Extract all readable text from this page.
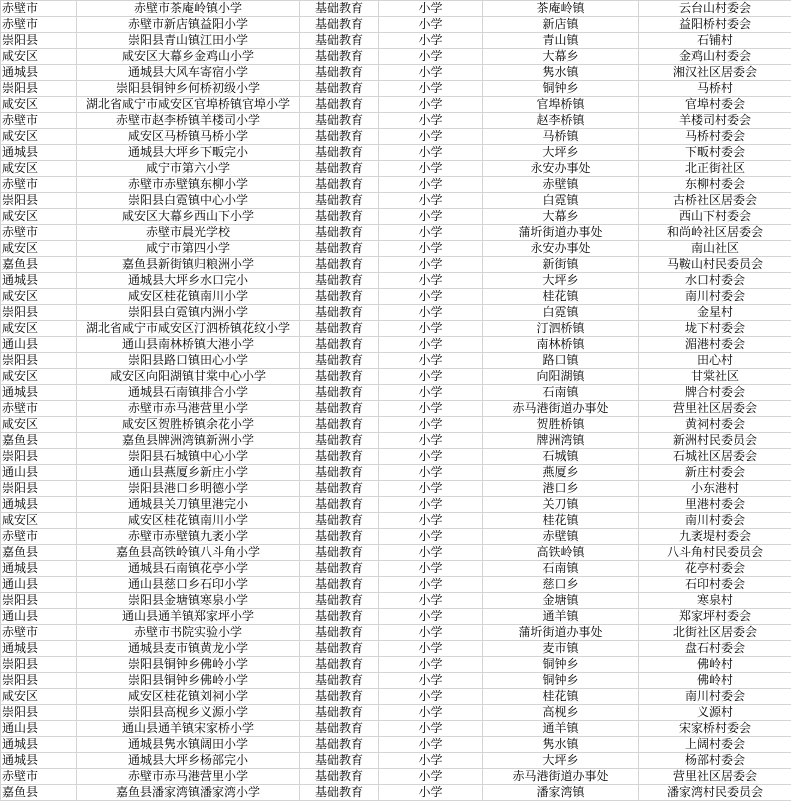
赤壁市	赤壁市茶庵岭镇小学	基础教育	小学	茶庵岭镇	云台山村委会
赤壁市	赤壁市新店镇益阳小学	基础教育	小学	新店镇	益阳桥村委会
崇阳县	崇阳县青山镇江田小学	基础教育	小学	青山镇	石铺村
咸安区	咸安区大幕乡金鸡山小学	基础教育	小学	大幕乡	金鸡山村委会
通城县	通城县大风车寄宿小学	基础教育	小学	隽水镇	湘汉社区居委会
崇阳县	崇阳县铜钟乡何桥初级小学	基础教育	小学	铜钟乡	马桥村
咸安区	湖北省咸宁市咸安区官埠桥镇官埠小学	基础教育	小学	官埠桥镇	官埠村委会
赤壁市	赤壁市赵李桥镇羊楼司小学	基础教育	小学	赵李桥镇	羊楼司村委会
咸安区	咸安区马桥镇马桥小学	基础教育	小学	马桥镇	马桥村委会
通城县	通城县大坪乡下畈完小	基础教育	小学	大坪乡	下畈村委会
咸安区	咸宁市第六小学	基础教育	小学	永安办事处	北正街社区
赤壁市	赤壁市赤壁镇东柳小学	基础教育	小学	赤壁镇	东柳村委会
崇阳县	崇阳县白霓镇中心小学	基础教育	小学	白霓镇	古桥社区居委会
咸安区	咸安区大幕乡西山下小学	基础教育	小学	大幕乡	西山下村委会
赤壁市	赤壁市晨光学校	基础教育	小学	蒲圻街道办事处	和尚岭社区居委会
咸安区	咸宁市第四小学	基础教育	小学	永安办事处	南山社区
嘉鱼县	嘉鱼县新街镇归粮洲小学	基础教育	小学	新街镇	马鞍山村民委员会
通城县	通城县大坪乡水口完小	基础教育	小学	大坪乡	水口村委会
咸安区	咸安区桂花镇南川小学	基础教育	小学	桂花镇	南川村委会
崇阳县	崇阳县白霓镇内洲小学	基础教育	小学	白霓镇	金星村
咸安区	湖北省咸宁市咸安区汀泗桥镇花纹小学	基础教育	小学	汀泗桥镇	垅下村委会
通山县	通山县南林桥镇大港小学	基础教育	小学	南林桥镇	湄港村委会
崇阳县	崇阳县路口镇田心小学	基础教育	小学	路口镇	田心村
咸安区	咸安区向阳湖镇甘棠中心小学	基础教育	小学	向阳湖镇	甘棠社区
通城县	通城县石南镇排合小学	基础教育	小学	石南镇	牌合村委会
赤壁市	赤壁市赤马港营里小学	基础教育	小学	赤马港街道办事处	营里社区居委会
咸安区	咸安区贺胜桥镇余花小学	基础教育	小学	贺胜桥镇	黄祠村委会
嘉鱼县	嘉鱼县牌洲湾镇新洲小学	基础教育	小学	牌洲湾镇	新洲村民委员会
崇阳县	崇阳县石城镇中心小学	基础教育	小学	石城镇	石城社区居委会
通山县	通山县燕厦乡新庄小学	基础教育	小学	燕厦乡	新庄村委会
崇阳县	崇阳县港口乡明德小学	基础教育	小学	港口乡	小东港村
通城县	通城县关刀镇里港完小	基础教育	小学	关刀镇	里港村委会
咸安区	咸安区桂花镇南川小学	基础教育	小学	桂花镇	南川村委会
赤壁市	赤壁市赤壁镇九袤小学	基础教育	小学	赤壁镇	九袤堤村委会
嘉鱼县	嘉鱼县高铁岭镇八斗角小学	基础教育	小学	高铁岭镇	八斗角村民委员会
通城县	通城县石南镇花亭小学	基础教育	小学	石南镇	花亭村委会
通山县	通山县慈口乡石印小学	基础教育	小学	慈口乡	石印村委会
崇阳县	崇阳县金塘镇寒泉小学	基础教育	小学	金塘镇	寒泉村
通山县	通山县通羊镇郑家坪小学	基础教育	小学	通羊镇	郑家坪村委会
赤壁市	赤壁市书院实验小学	基础教育	小学	蒲圻街道办事处	北街社区居委会
通城县	通城县麦市镇黄龙小学	基础教育	小学	麦市镇	盘石村委会
崇阳县	崇阳县铜钟乡佛岭小学	基础教育	小学	铜钟乡	佛岭村
崇阳县	崇阳县铜钟乡佛岭小学	基础教育	小学	铜钟乡	佛岭村
咸安区	咸安区桂花镇刘祠小学	基础教育	小学	桂花镇	南川村委会
崇阳县	崇阳县高枧乡义源小学	基础教育	小学	高枧乡	义源村
通山县	通山县通羊镇宋家桥小学	基础教育	小学	通羊镇	宋家桥村委会
通城县	通城县隽水镇阔田小学	基础教育	小学	隽水镇	上阔村委会
通城县	通城县大坪乡杨部完小	基础教育	小学	大坪乡	杨部村委会
赤壁市	赤壁市赤马港营里小学	基础教育	小学	赤马港街道办事处	营里社区居委会
嘉鱼县	嘉鱼县潘家湾镇潘家湾小学	基础教育	小学	潘家湾镇	潘家湾村民委员会
